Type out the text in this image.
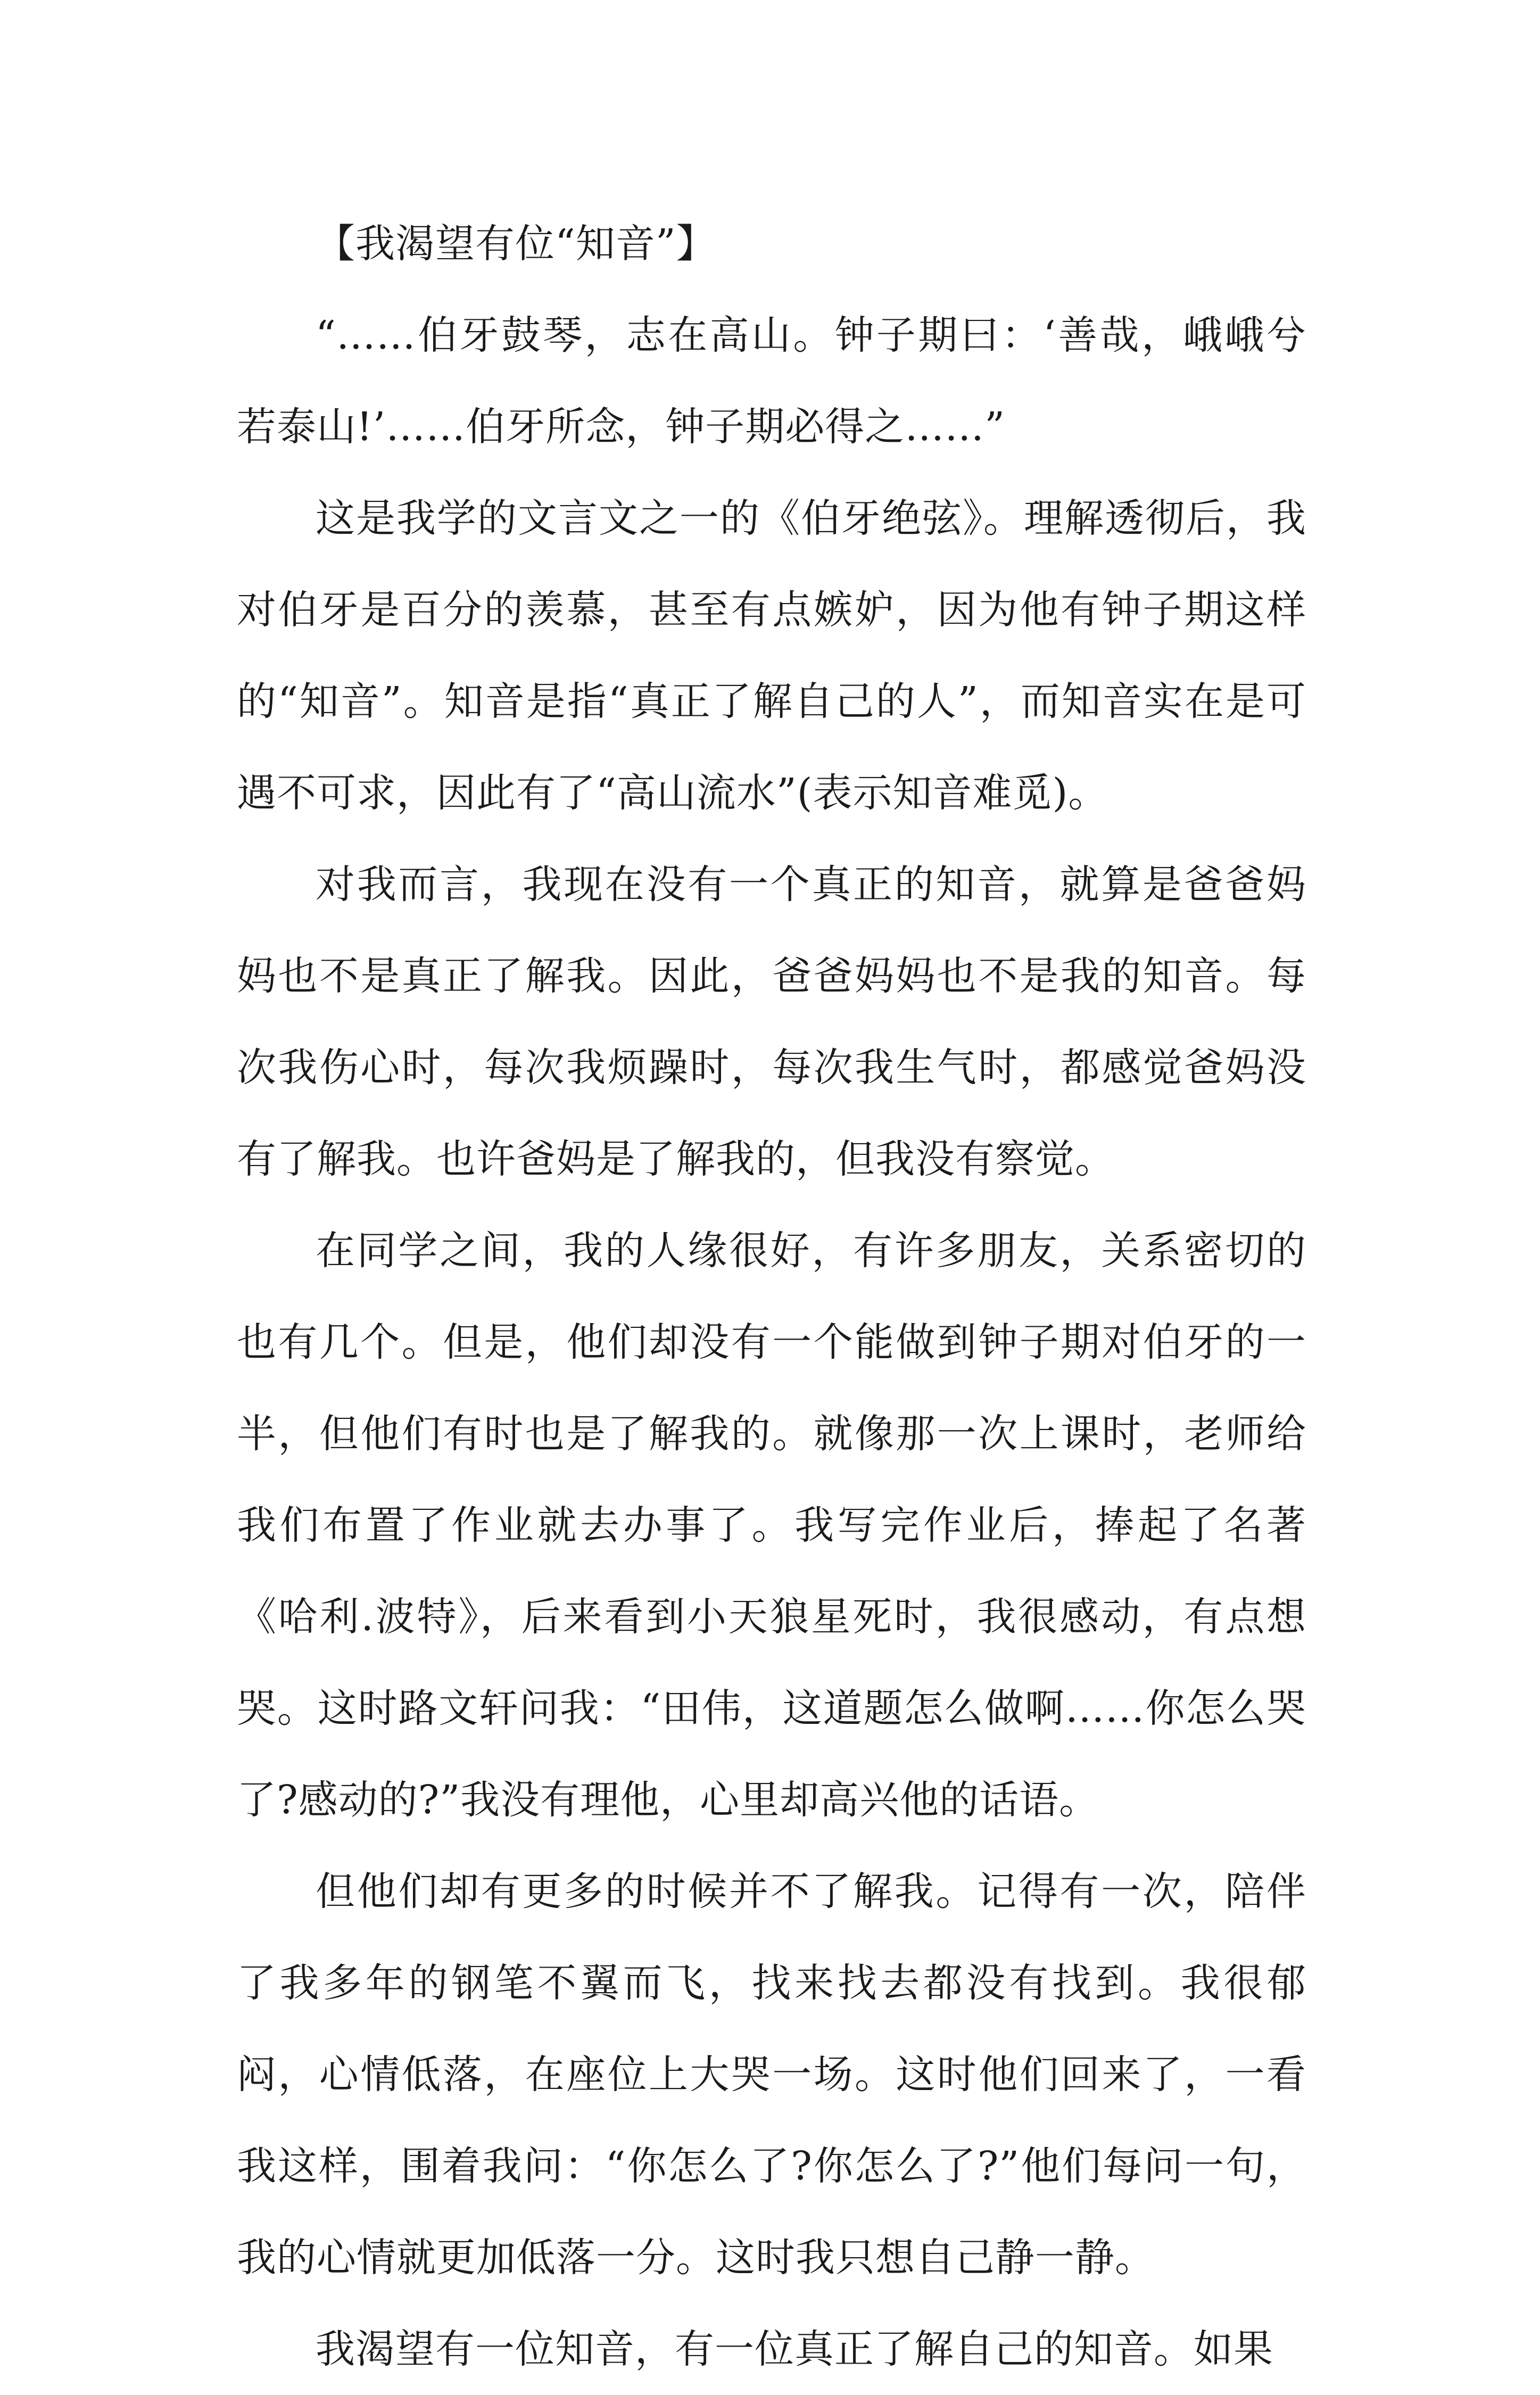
【我渴望有位“知音”】

“……伯牙鼓琴，志在高山。钟子期曰：‘善哉，峨峨兮若泰山!’……伯牙所念，钟子期必得之……”

这是我学的文言文之一的《伯牙绝弦》。理解透彻后，我对伯牙是百分的羡慕，甚至有点嫉妒，因为他有钟子期这样的“知音”。知音是指“真正了解自己的人”，而知音实在是可遇不可求，因此有了“高山流水”(表示知音难觅)。

对我而言，我现在没有一个真正的知音，就算是爸爸妈妈也不是真正了解我。因此，爸爸妈妈也不是我的知音。每次我伤心时，每次我烦躁时，每次我生气时，都感觉爸妈没有了解我。也许爸妈是了解我的，但我没有察觉。

在同学之间，我的人缘很好，有许多朋友，关系密切的也有几个。但是，他们却没有一个能做到钟子期对伯牙的一半，但他们有时也是了解我的。就像那一次上课时，老师给我们布置了作业就去办事了。我写完作业后，捧起了名著《哈利.波特》，后来看到小天狼星死时，我很感动，有点想哭。这时路文轩问我：“田伟，这道题怎么做啊……你怎么哭了?感动的?”我没有理他，心里却高兴他的话语。

但他们却有更多的时候并不了解我。记得有一次，陪伴了我多年的钢笔不翼而飞，找来找去都没有找到。我很郁闷，心情低落，在座位上大哭一场。这时他们回来了，一看我这样，围着我问：“你怎么了?你怎么了?”他们每问一句，我的心情就更加低落一分。这时我只想自己静一静。

我渴望有一位知音，有一位真正了解自己的知音。如果
